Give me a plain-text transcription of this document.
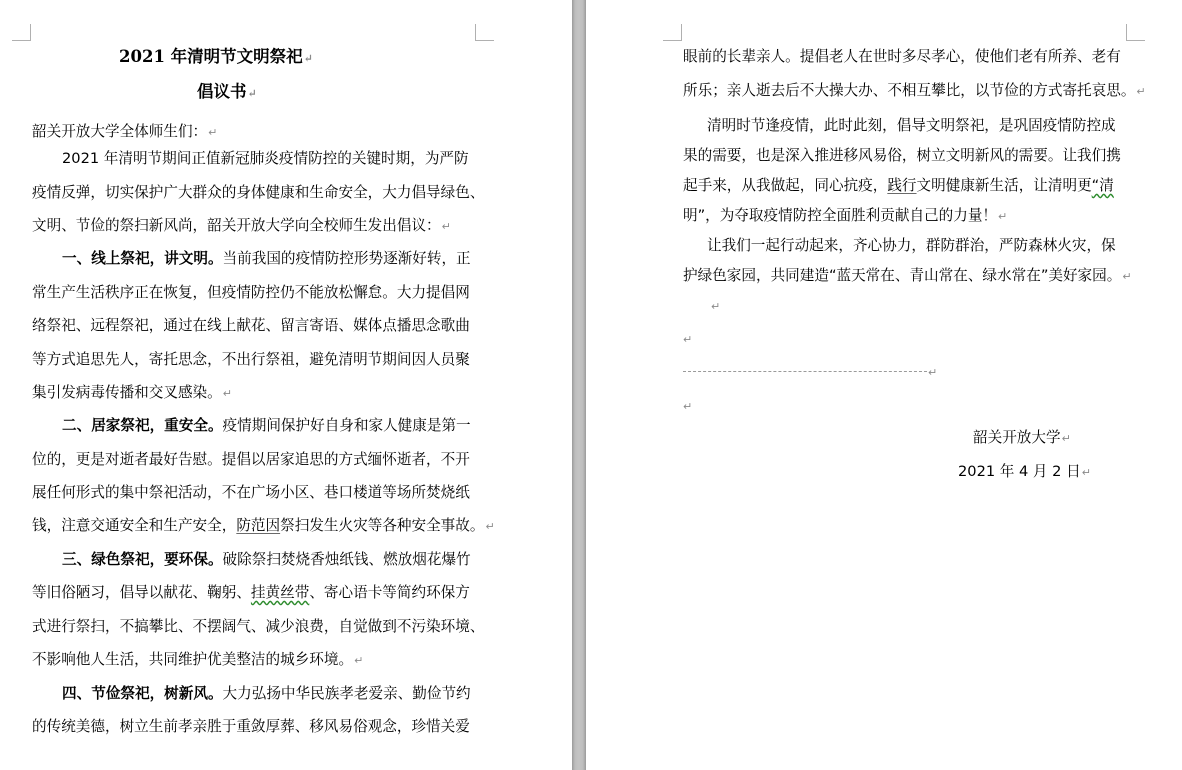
2021 年清明节文明祭祀↵
倡议书↵
韶关开放大学全体师生们：↵
2021 年清明节期间正值新冠肺炎疫情防控的关键时期，为严防
疫情反弹，切实保护广大群众的身体健康和生命安全，大力倡导绿色、
文明、节俭的祭扫新风尚，韶关开放大学向全校师生发出倡议：↵
一、线上祭祀，讲文明。当前我国的疫情防控形势逐渐好转，正
常生产生活秩序正在恢复，但疫情防控仍不能放松懈怠。大力提倡网
络祭祀、远程祭祀，通过在线上献花、留言寄语、媒体点播思念歌曲
等方式追思先人，寄托思念，不出行祭祖，避免清明节期间因人员聚
集引发病毒传播和交叉感染。↵
二、居家祭祀，重安全。疫情期间保护好自身和家人健康是第一
位的，更是对逝者最好告慰。提倡以居家追思的方式缅怀逝者，不开
展任何形式的集中祭祀活动，不在广场小区、巷口楼道等场所焚烧纸
钱，注意交通安全和生产安全，防范因祭扫发生火灾等各种安全事故。↵
三、绿色祭祀，要环保。破除祭扫焚烧香烛纸钱、燃放烟花爆竹
等旧俗陋习，倡导以献花、鞠躬、挂黄丝带、寄心语卡等简约环保方
式进行祭扫，不搞攀比、不摆阔气、减少浪费，自觉做到不污染环境、
不影响他人生活，共同维护优美整洁的城乡环境。↵
四、节俭祭祀，树新风。大力弘扬中华民族孝老爱亲、勤俭节约
的传统美德，树立生前孝亲胜于重敛厚葬、移风易俗观念，珍惜关爱
眼前的长辈亲人。提倡老人在世时多尽孝心，使他们老有所养、老有
所乐；亲人逝去后不大操大办、不相互攀比，以节俭的方式寄托哀思。↵
清明时节逢疫情，此时此刻，倡导文明祭祀，是巩固疫情防控成
果的需要，也是深入推进移风易俗，树立文明新风的需要。让我们携
起手来，从我做起，同心抗疫，践行文明健康新生活，让清明更“清
明”，为夺取疫情防控全面胜利贡献自己的力量！↵
让我们一起行动起来，齐心协力，群防群治，严防森林火灾，保
护绿色家园，共同建造“蓝天常在、青山常在、绿水常在”美好家园。↵
↵
↵
↵
↵
韶关开放大学↵
2021 年 4 月 2 日↵
